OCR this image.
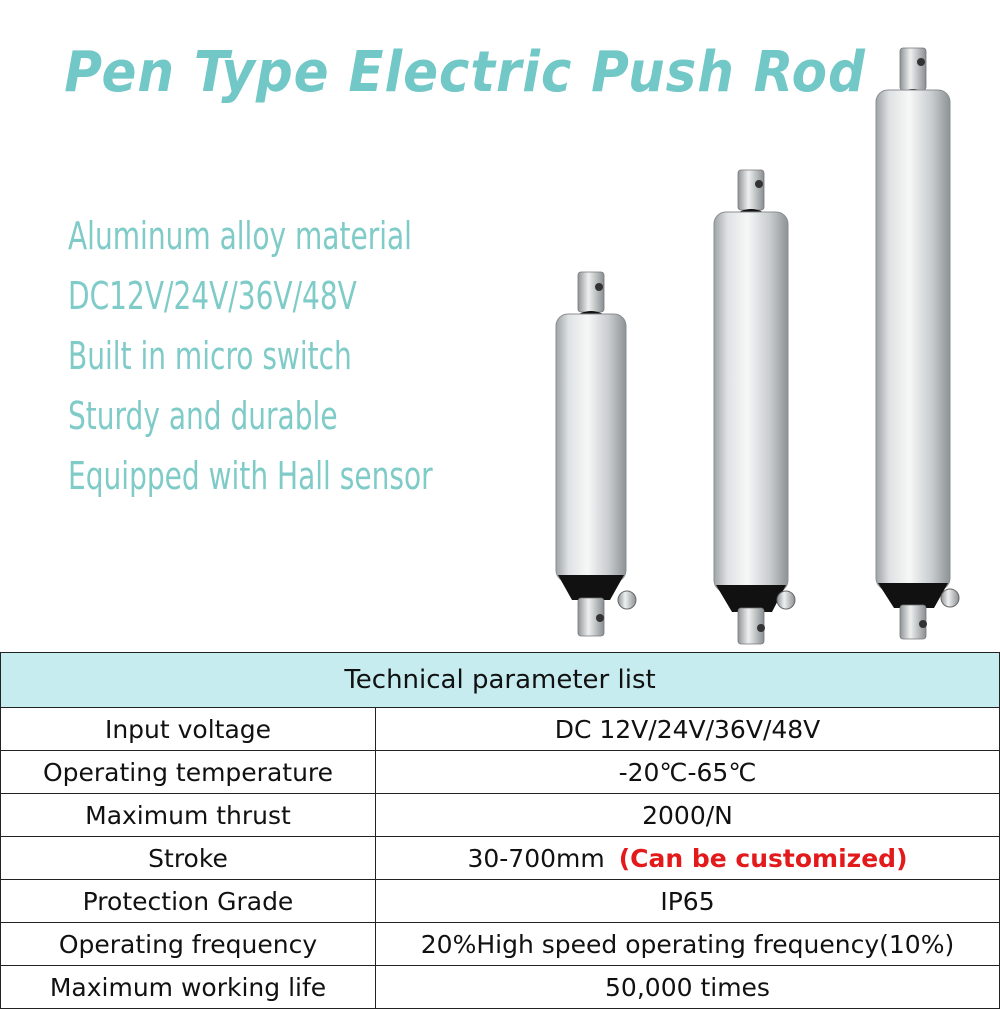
Pen Type Electric Push Rod
Aluminum alloy material
DC12V/24V/36V/48V
Built in micro switch
Sturdy and durable
Equipped with Hall sensor
Technical parameter list	
Input voltage	DC 12V/24V/36V/48V
Operating temperature	-20℃-65℃
Maximum thrust	2000/N
Stroke	30-700mm (Can be customized)
Protection Grade	IP65
Operating frequency	20%High speed operating frequency(10%)
Maximum working life	50,000 times
